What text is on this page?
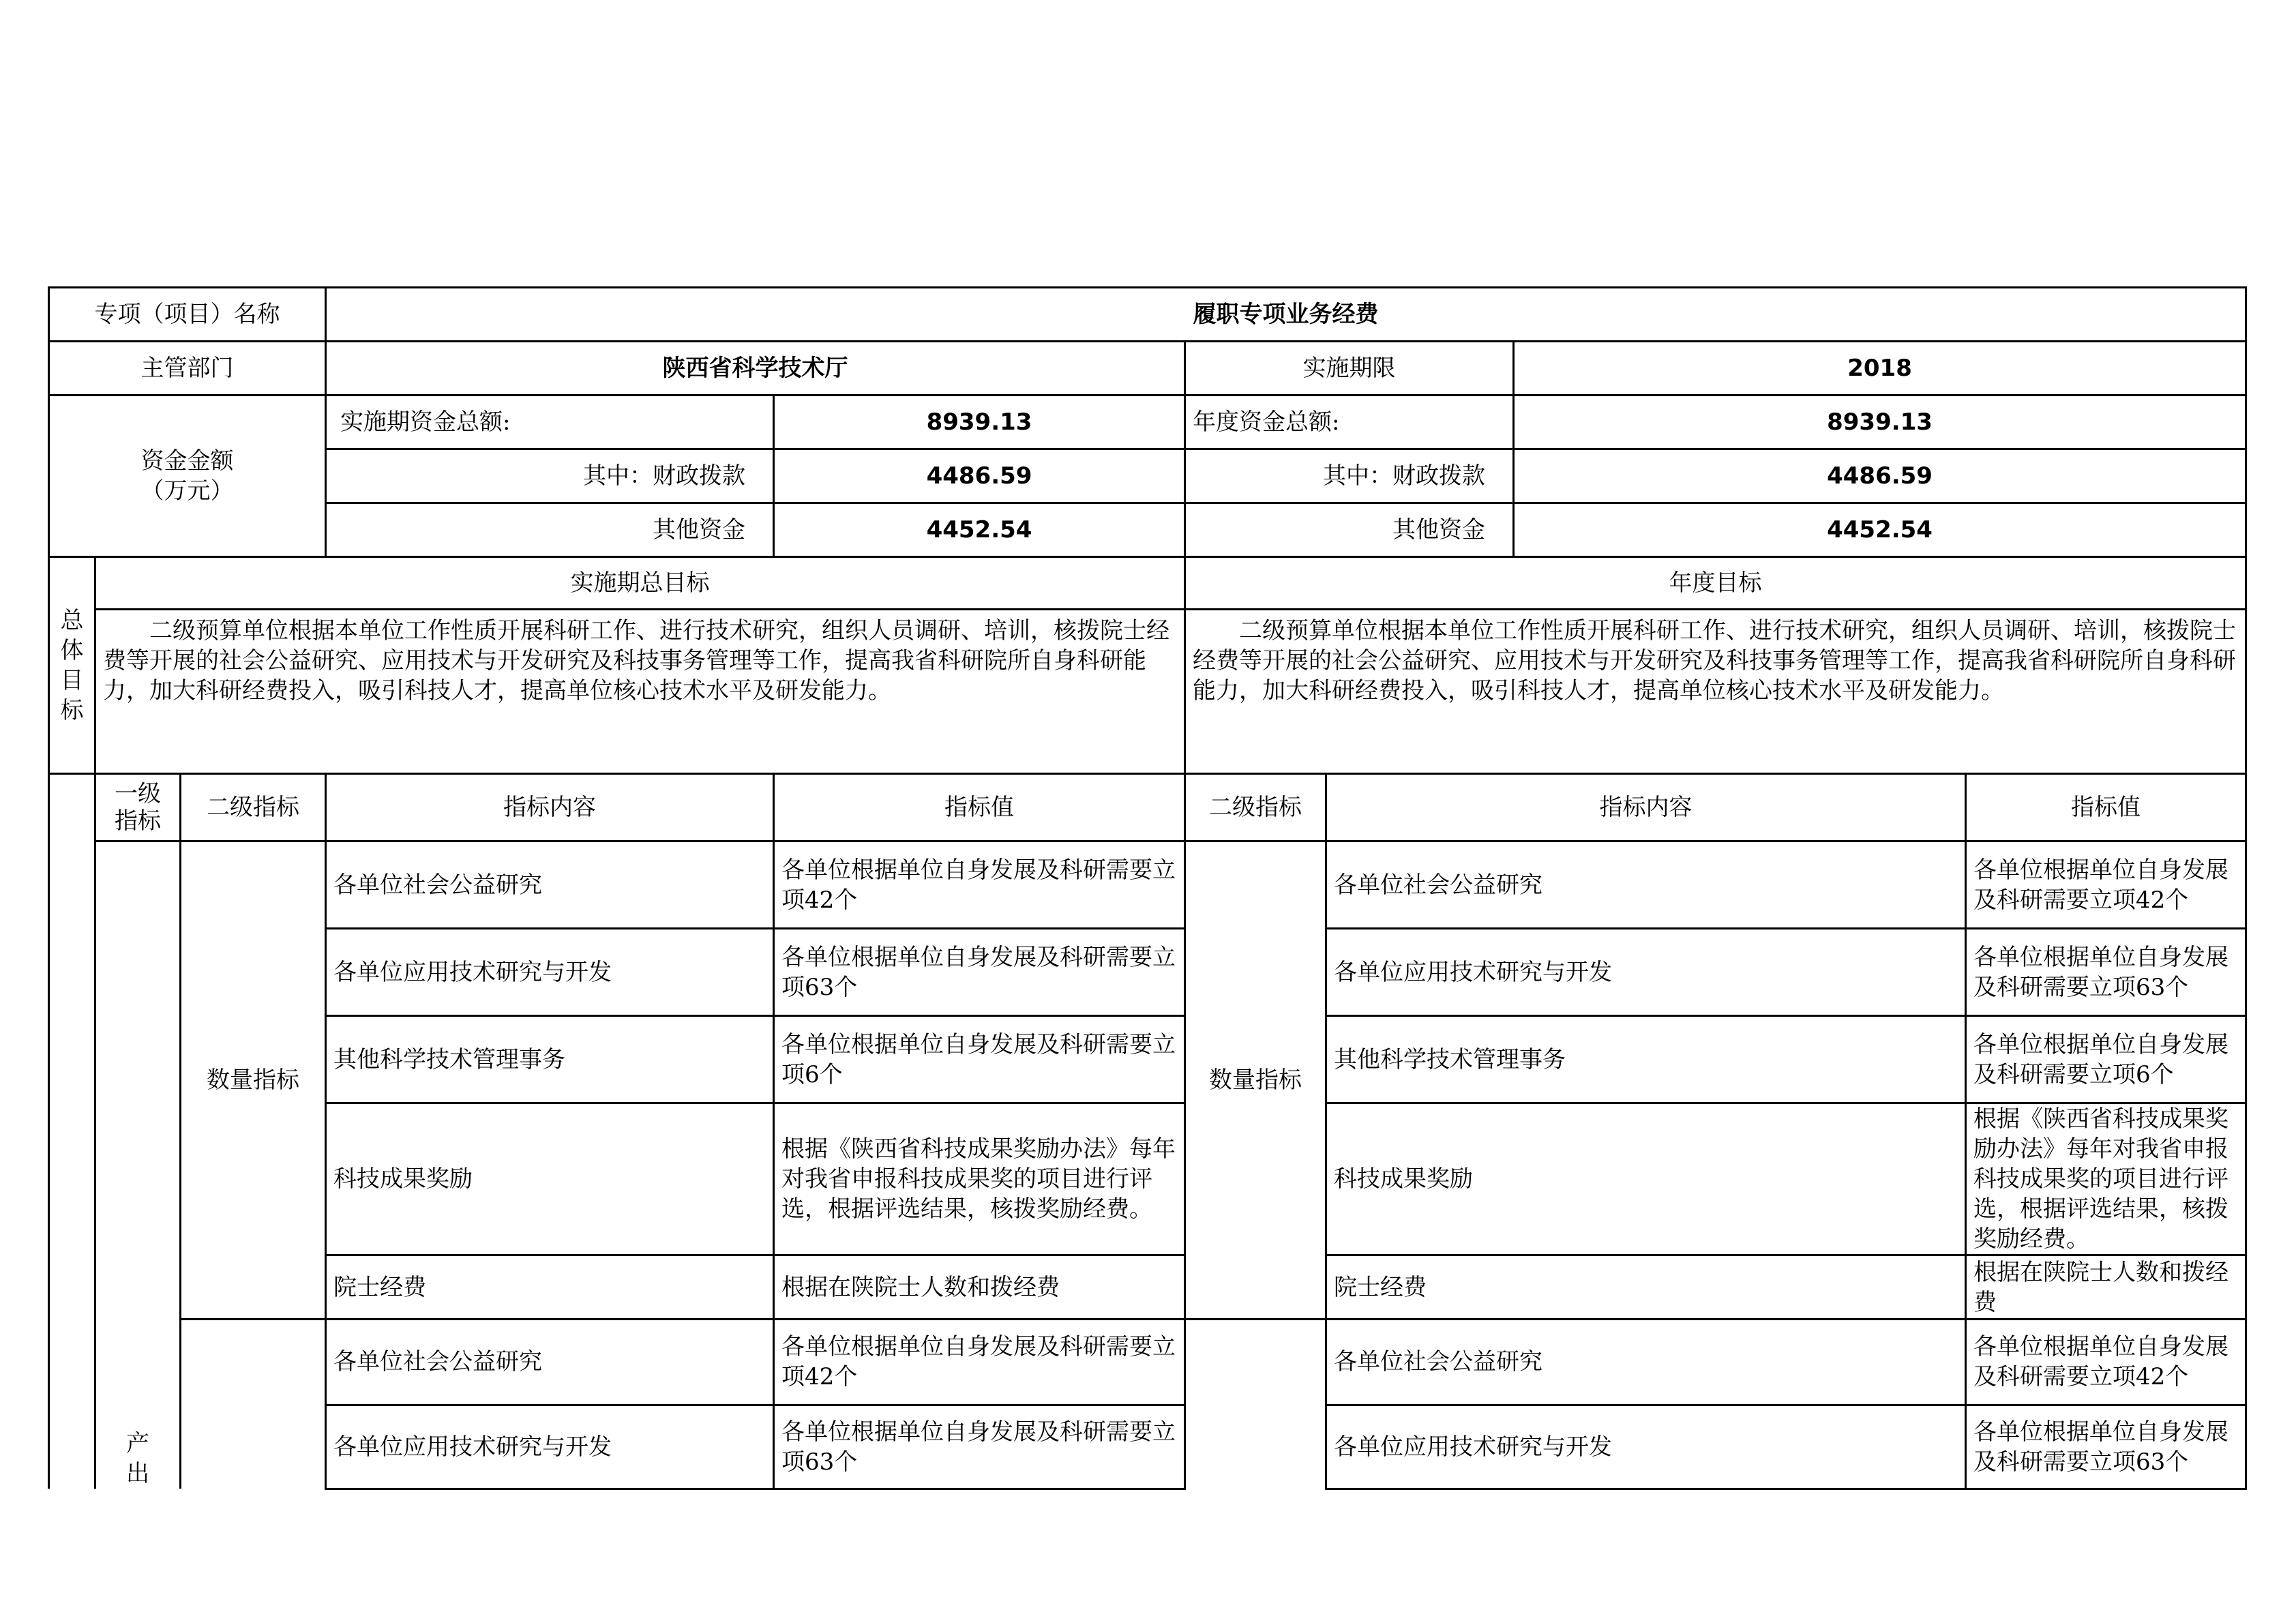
专项（项目）名称			履职专项业务经费					
主管部门			陕西省科学技术厅		实施期限		2018	

资金金额
（万元）			实施期资金总额:	8939.13	年度资金总额:		8939.13	
			其中：财政拨款	4486.59	其中：财政拨款		4486.59	
			其他资金	4452.54	其他资金		4452.54	

总
体
目
标	实施期总目标				年度目标			
	二级预算单位根据本单位工作性质开展科研工作、进行技术研究，组织人员调研、培训，核拨院士经费等开展的社会公益研究、应用技术与开发研究及科技事务管理等工作，提高我省科研院所自身科研能力，加大科研经费投入，吸引科技人才，提高单位核心技术水平及研发能力。				二级预算单位根据本单位工作性质开展科研工作、进行技术研究，组织人员调研、培训，核拨院士经费等开展的社会公益研究、应用技术与开发研究及科技事务管理等工作，提高我省科研院所自身科研能力，加大科研经费投入，吸引科技人才，提高单位核心技术水平及研发能力。			

	一级
指标	二级指标	指标内容	指标值	二级指标	指标内容		指标值

	产
出	数量指标	各单位社会公益研究	各单位根据单位自身发展及科研需要立项42个	数量指标	各单位社会公益研究		各单位根据单位自身发展及科研需要立项42个
			各单位应用技术研究与开发	各单位根据单位自身发展及科研需要立项63个		各单位应用技术研究与开发		各单位根据单位自身发展及科研需要立项63个
			其他科学技术管理事务	各单位根据单位自身发展及科研需要立项6个		其他科学技术管理事务		各单位根据单位自身发展及科研需要立项6个
			科技成果奖励	根据《陕西省科技成果奖励办法》每年对我省申报科技成果奖的项目进行评选，根据评选结果，核拨奖励经费。		科技成果奖励		根据《陕西省科技成果奖励办法》每年对我省申报科技成果奖的项目进行评选，根据评选结果，核拨奖励经费。
			院士经费	根据在陕院士人数和拨经费		院士经费		根据在陕院士人数和拨经费
			各单位社会公益研究	各单位根据单位自身发展及科研需要立项42个		各单位社会公益研究		各单位根据单位自身发展及科研需要立项42个
			各单位应用技术研究与开发	各单位根据单位自身发展及科研需要立项63个		各单位应用技术研究与开发		各单位根据单位自身发展及科研需要立项63个
